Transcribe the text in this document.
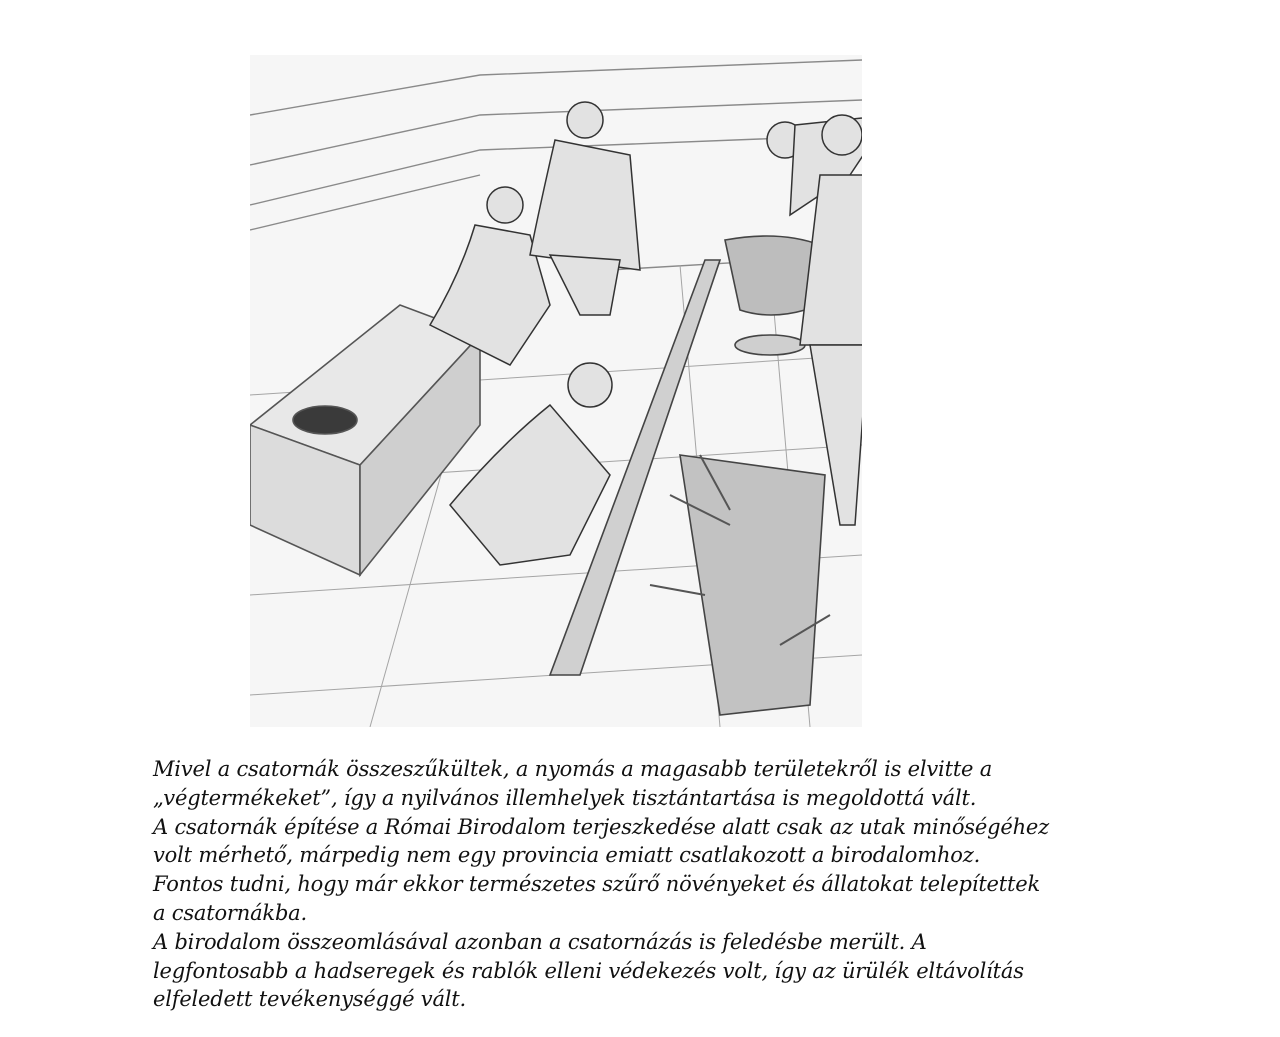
Mivel a csatornák összeszűkültek, a nyomás a magasabb területekről is elvitte a
„végtermékeket”, így a nyilvános illemhelyek tisztántartása is megoldottá vált.
A csatornák építése a Római Birodalom terjeszkedése alatt csak az utak minőségéhez
volt mérhető, márpedig nem egy provincia emiatt csatlakozott a birodalomhoz.
Fontos tudni, hogy már ekkor természetes szűrő növényeket és állatokat telepítettek
a csatornákba.
A birodalom összeomlásával azonban a csatornázás is feledésbe merült. A
legfontosabb a hadseregek és rablók elleni védekezés volt, így az ürülék eltávolítás
elfeledett tevékenységgé vált.
